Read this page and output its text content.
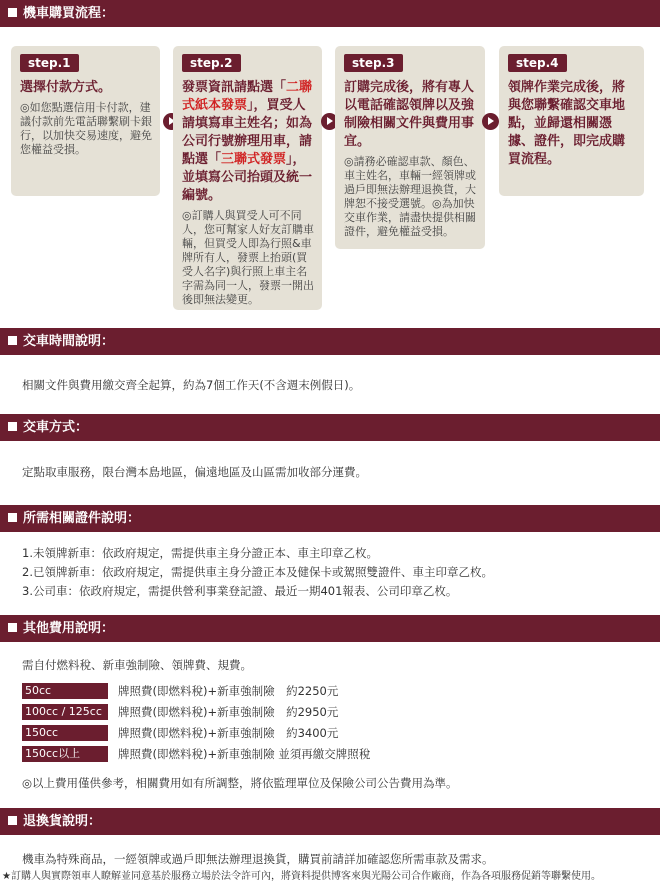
機車購買流程：
step.1
選擇付款方式。
◎如您點選信用卡付款，建議付款前先電話聯繫刷卡銀行，以加快交易速度，避免您權益受損。
step.2
發票資訊請點選「二聯式紙本發票」，買受人請填寫車主姓名；如為公司行號辦理用車，請點選「三聯式發票」，並填寫公司抬頭及統一編號。
◎訂購人與買受人可不同人，您可幫家人好友訂購車輛，但買受人即為行照&車牌所有人，發票上抬頭(買受人名字)與行照上車主名字需為同一人，發票一開出後即無法變更。
step.3
訂購完成後，將有專人以電話確認領牌以及強制險相關文件與費用事宜。
◎請務必確認車款、顏色、車主姓名，車輛一經領牌或過戶即無法辦理退換貨，大牌恕不接受選號。◎為加快交車作業，請盡快提供相關證件，避免權益受損。
step.4
領牌作業完成後，將與您聯繫確認交車地點，並歸還相關憑據、證件，即完成購買流程。
交車時間說明：
相關文件與費用繳交齊全起算，約為7個工作天(不含週末例假日)。
交車方式：
定點取車服務，限台灣本島地區，偏遠地區及山區需加收部分運費。
所需相關證件說明：
1.未領牌新車：依政府規定，需提供車主身分證正本、車主印章乙枚。
2.已領牌新車：依政府規定，需提供車主身分證正本及健保卡或駕照雙證件、車主印章乙枚。
3.公司車：依政府規定，需提供營利事業登記證、最近一期401報表、公司印章乙枚。
其他費用說明：
需自付燃料稅、新車強制險、領牌費、規費。
50cc	牌照費(即燃料稅)+新車強制險　約2250元
100cc / 125cc	牌照費(即燃料稅)+新車強制險　約2950元
150cc	牌照費(即燃料稅)+新車強制險　約3400元
150cc以上	牌照費(即燃料稅)+新車強制險 並須再繳交牌照稅
◎以上費用僅供參考，相關費用如有所調整，將依監理單位及保險公司公告費用為準。
退換貨說明：
機車為特殊商品，一經領牌或過戶即無法辦理退換貨，購買前請詳加確認您所需車款及需求。
★訂購人與實際領車人瞭解並同意基於服務立場於法令許可內，將資料提供博客來與光陽公司合作廠商，作為各項服務促銷等聯繫使用。
